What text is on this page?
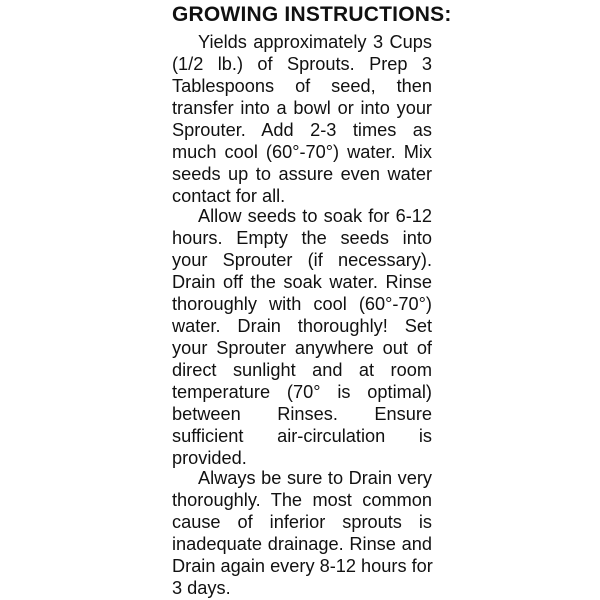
GROWING INSTRUCTIONS:
Yields approximately 3 Cups
(1/2 lb.) of Sprouts. Prep 3
Tablespoons of seed, then
transfer into a bowl or into your
Sprouter. Add 2-3 times as
much cool (60°-70°) water. Mix
seeds up to assure even water
contact for all.
Allow seeds to soak for 6-12
hours. Empty the seeds into
your Sprouter (if necessary).
Drain off the soak water. Rinse
thoroughly with cool (60°-70°)
water. Drain thoroughly! Set
your Sprouter anywhere out of
direct sunlight and at room
temperature (70° is optimal)
between Rinses. Ensure
sufficient air-circulation is
provided.
Always be sure to Drain very
thoroughly. The most common
cause of inferior sprouts is
inadequate drainage. Rinse and
Drain again every 8-12 hours for
3 days.
